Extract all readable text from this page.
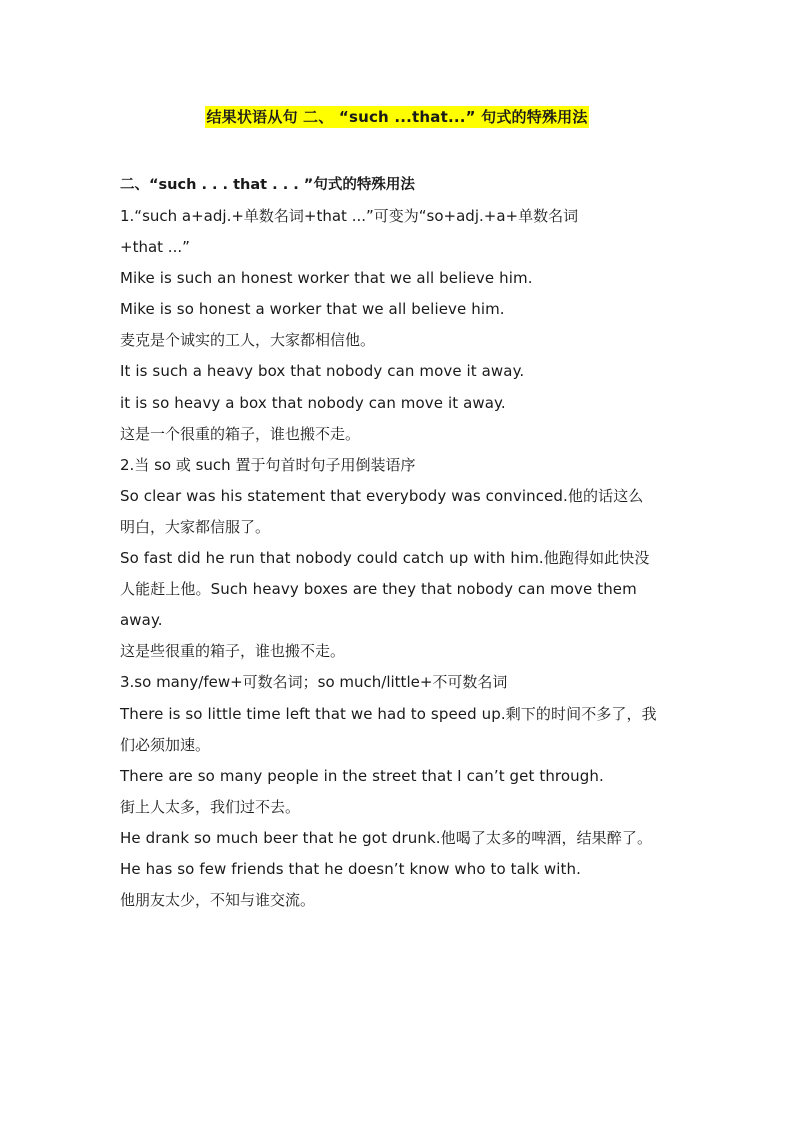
结果状语从句 二、 “such ...that...” 句式的特殊用法
二、“such . . . that . . . ”句式的特殊用法
1.“such a+adj.+单数名词+that ...”可变为“so+adj.+a+单数名词
+that ...”
Mike is such an honest worker that we all believe him.
Mike is so honest a worker that we all believe him.
麦克是个诚实的工人，大家都相信他。
It is such a heavy box that nobody can move it away.
it is so heavy a box that nobody can move it away.
这是一个很重的箱子，谁也搬不走。
2.当 so 或 such 置于句首时句子用倒装语序
So clear was his statement that everybody was convinced.他的话这么
明白，大家都信服了。
So fast did he run that nobody could catch up with him.他跑得如此快没
人能赶上他。Such heavy boxes are they that nobody can move them
away.
这是些很重的箱子，谁也搬不走。
3.so many/few+可数名词；so much/little+不可数名词
There is so little time left that we had to speed up.剩下的时间不多了，我
们必须加速。
There are so many people in the street that I can’t get through.
街上人太多，我们过不去。
He drank so much beer that he got drunk.他喝了太多的啤酒，结果醉了。
He has so few friends that he doesn’t know who to talk with.
他朋友太少，不知与谁交流。
